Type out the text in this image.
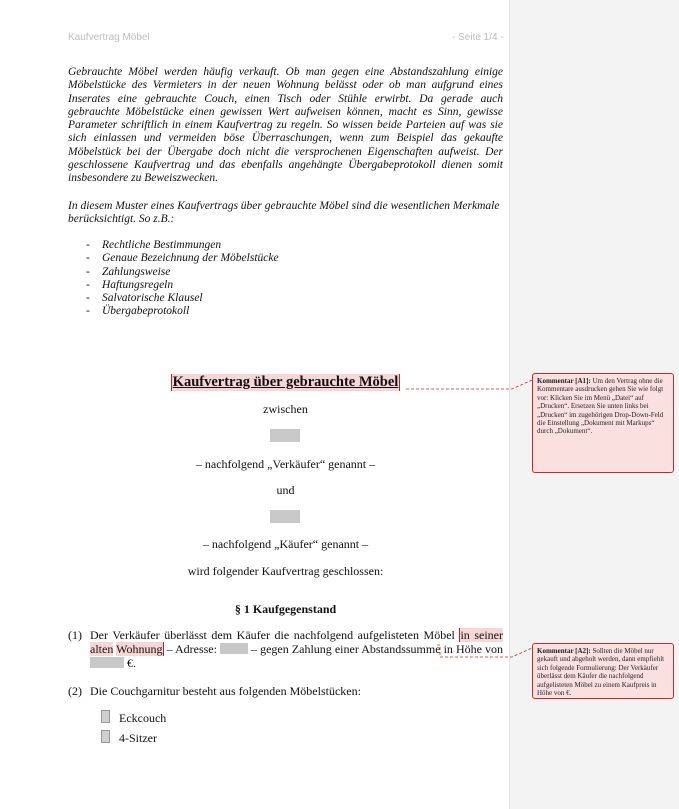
Kaufvertrag Möbel	- Seite 1/4 -

Gebrauchte Möbel werden häufig verkauft. Ob man gegen eine Abstandszahlung einige Möbelstücke des Vermieters in der neuen Wohnung belässt oder ob man aufgrund eines Inserates eine gebrauchte Couch, einen Tisch oder Stühle erwirbt. Da gerade auch gebrauchte Möbelstücke einen gewissen Wert aufweisen können, macht es Sinn, gewisse Parameter schriftlich in einem Kaufvertrag zu regeln. So wissen beide Parteien auf was sie sich einlassen und vermeiden böse Überraschungen, wenn zum Beispiel das gekaufte Möbelstück bei der Übergabe doch nicht die versprochenen Eigenschaften aufweist. Der geschlossene Kaufvertrag und das ebenfalls angehängte Übergabeprotokoll dienen somit insbesondere zu Beweiszwecken.

In diesem Muster eines Kaufvertrags über gebrauchte Möbel sind die wesentlichen Merkmale berücksichtigt. So z.B.:

- Rechtliche Bestimmungen
- Genaue Bezeichnung der Möbelstücke
- Zahlungsweise
- Haftungsregeln
- Salvatorische Klausel
- Übergabeprotokoll
Kaufvertrag über gebrauchte Möbel
zwischen
– nachfolgend „Verkäufer“ genannt –
und
– nachfolgend „Käufer“ genannt –
wird folgender Kaufvertrag geschlossen:
§ 1 Kaufgegenstand
(1) Der Verkäufer überlässt dem Käufer die nachfolgend aufgelisteten Möbel in seiner alten Wohnung – Adresse:  – gegen Zahlung einer Abstandssumme in Höhe von  €.
(2) Die Couchgarnitur besteht aus folgenden Möbelstücken:
Eckcouch
4-Sitzer
Kommentar [A1]: Um den Vertrag ohne die Kommentare ausdrucken gehen Sie wie folgt vor: Klicken Sie im Menü „Datei“ auf „Drucken“. Ersetzen Sie unten links bei „Drucken“ im zugehörigen Drop-Down-Feld die Einstellung „Dokument mit Markups“ durch „Dokument“.
Kommentar [A2]: Sollten die Möbel nur gekauft und abgeholt werden, dann empfiehlt sich folgende Formulierung: Der Verkäufer überlässt dem Käufer die nachfolgend aufgelisteten Möbel zu einem Kaufpreis in Höhe von €.
